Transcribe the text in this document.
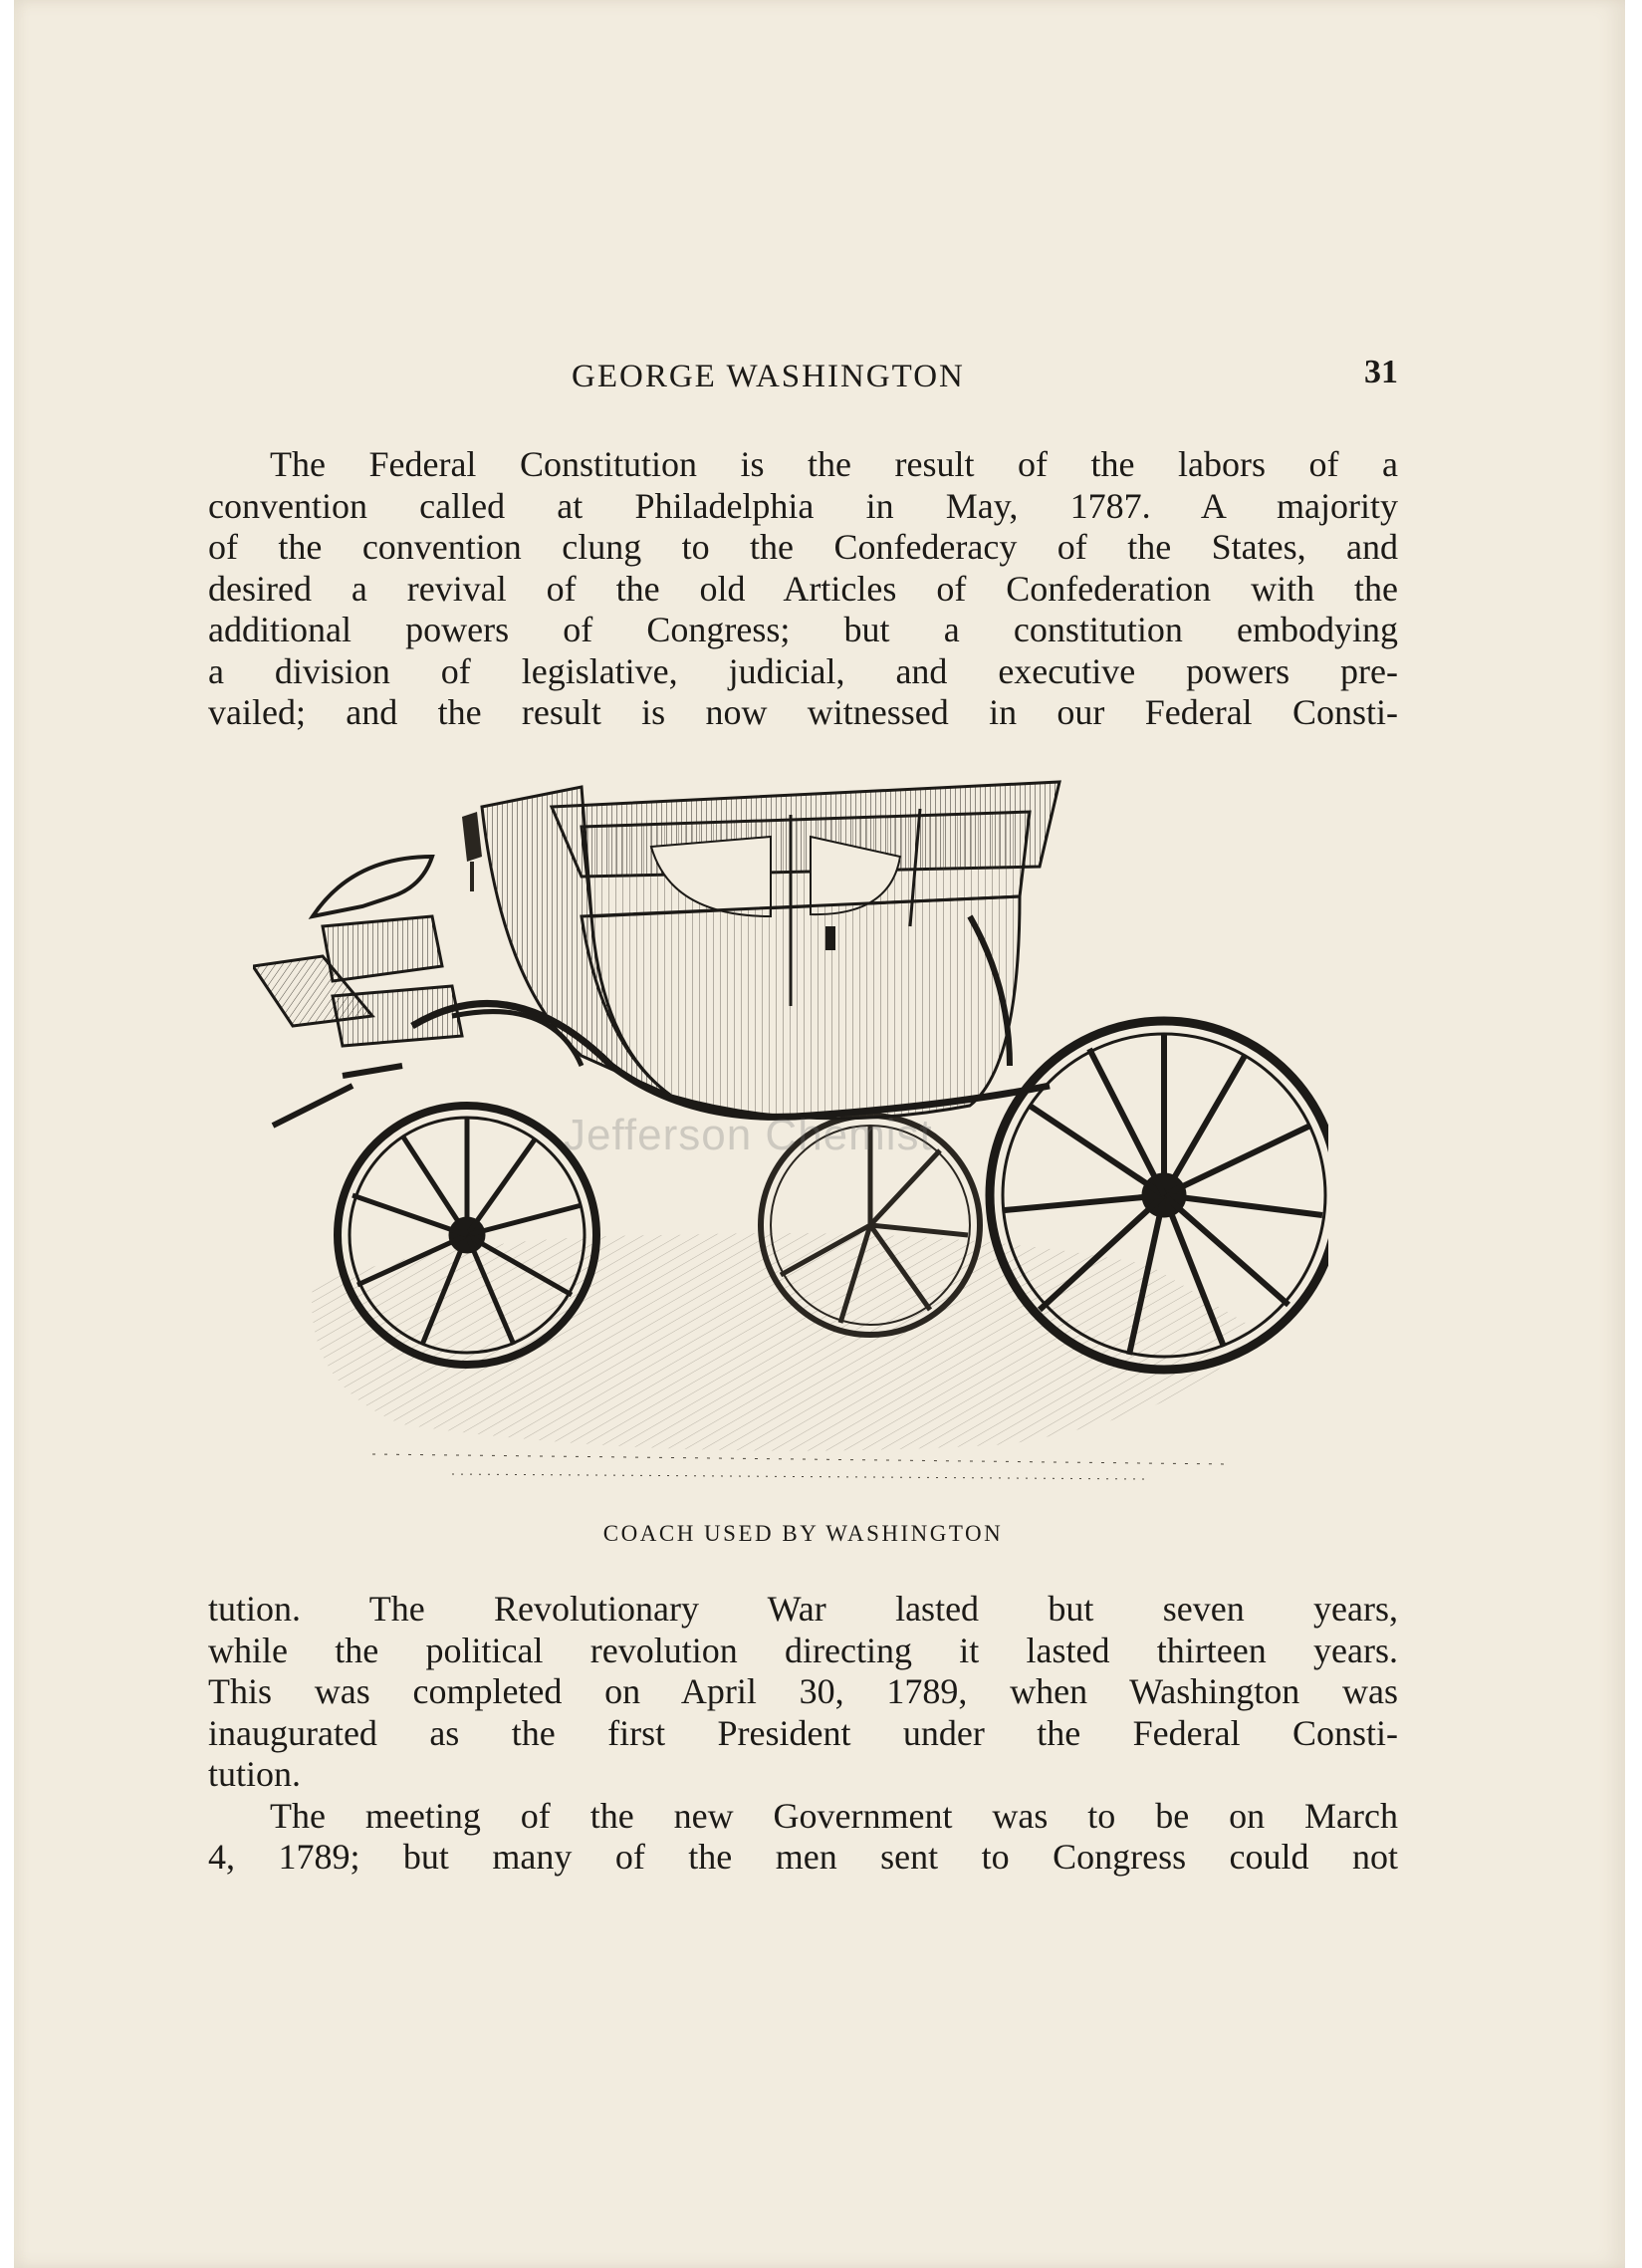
GEORGE WASHINGTON	31
The Federal Constitution is the result of the labors of a
convention called at Philadelphia in May, 1787. A majority
of the convention clung to the Confederacy of the States, and
desired a revival of the old Articles of Confederation with the
additional powers of Congress; but a constitution embodying
a division of legislative, judicial, and executive powers pre-
vailed; and the result is now witnessed in our Federal Consti-
Jefferson Chemist
COACH USED BY WASHINGTON
tution. The Revolutionary War lasted but seven years,
while the political revolution directing it lasted thirteen years.
This was completed on April 30, 1789, when Washington was
inaugurated as the first President under the Federal Consti-
tution.
The meeting of the new Government was to be on March
4, 1789; but many of the men sent to Congress could not
